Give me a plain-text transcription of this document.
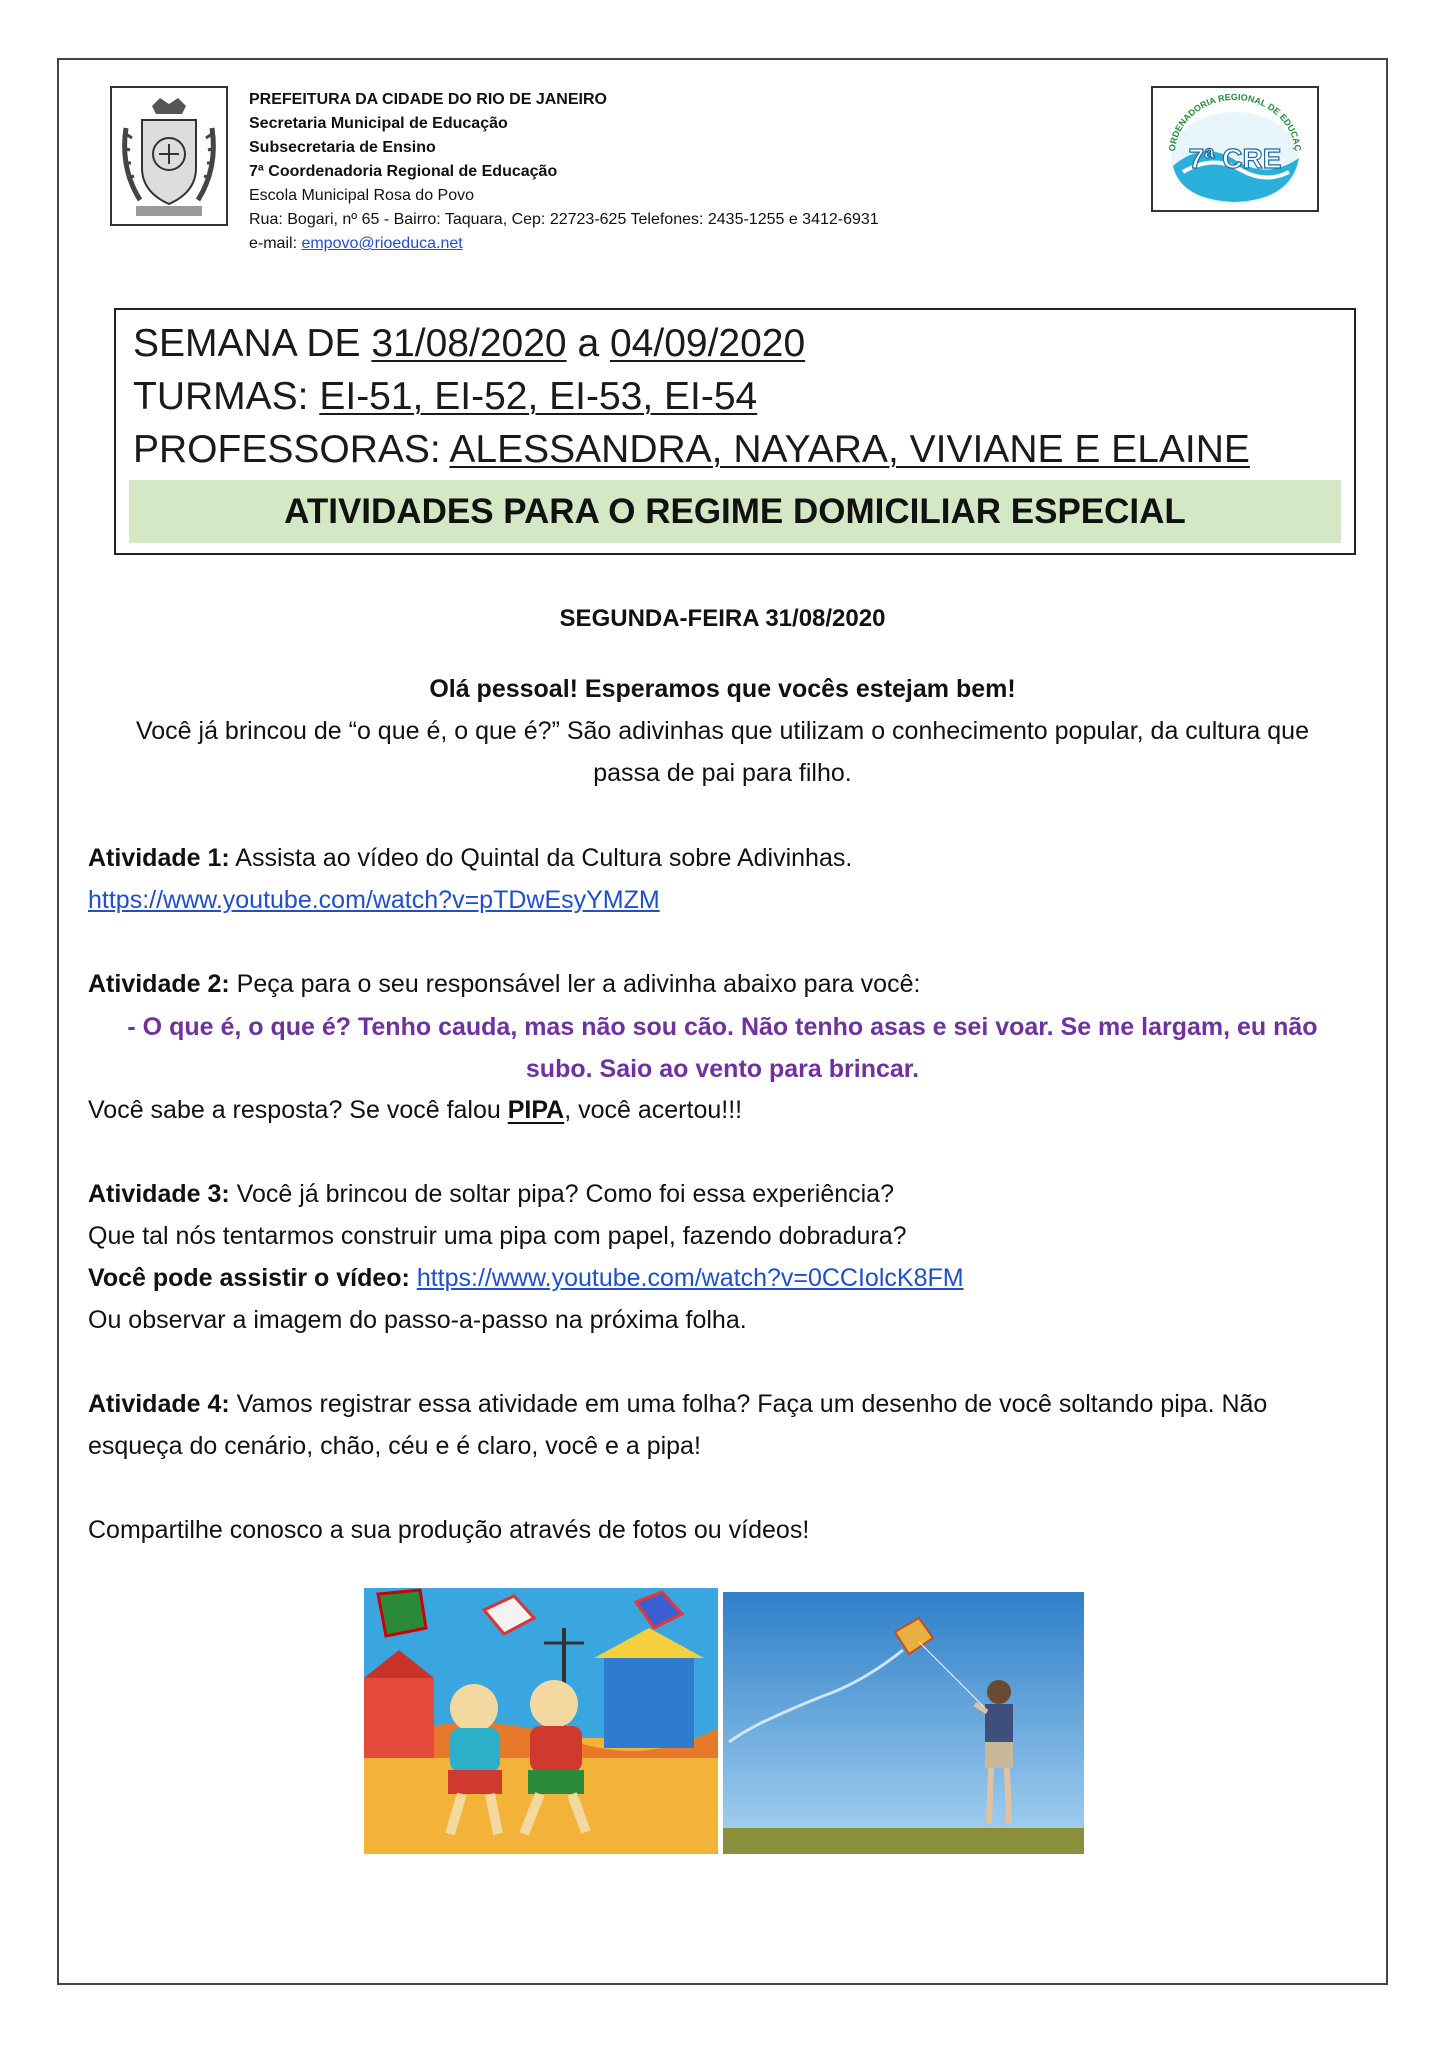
PREFEITURA DA CIDADE DO RIO DE JANEIRO
Secretaria Municipal de Educação
Subsecretaria de Ensino
7ª Coordenadoria Regional de Educação
Escola Municipal Rosa do Povo
Rua: Bogari, nº 65 - Bairro: Taquara, Cep: 22723-625 Telefones: 2435-1255 e 3412-6931
e-mail: empovo@rioeduca.net
ORDENADORIA REGIONAL DE EDUCAÇ
7ª CRE
SEMANA DE 31/08/2020 a 04/09/2020
TURMAS: EI-51, EI-52, EI-53, EI-54
PROFESSORAS: ALESSANDRA, NAYARA, VIVIANE E ELAINE
ATIVIDADES PARA O REGIME DOMICILIAR ESPECIAL
SEGUNDA-FEIRA 31/08/2020
Olá pessoal! Esperamos que vocês estejam bem!
Você já brincou de “o que é, o que é?” São adivinhas que utilizam o conhecimento popular, da cultura que
passa de pai para filho.
Atividade 1: Assista ao vídeo do Quintal da Cultura sobre Adivinhas.
https://www.youtube.com/watch?v=pTDwEsyYMZM
Atividade 2: Peça para o seu responsável ler a adivinha abaixo para você:
- O que é, o que é? Tenho cauda, mas não sou cão. Não tenho asas e sei voar. Se me largam, eu não
subo. Saio ao vento para brincar.
Você sabe a resposta? Se você falou PIPA, você acertou!!!
Atividade 3: Você já brincou de soltar pipa? Como foi essa experiência?
Que tal nós tentarmos construir uma pipa com papel, fazendo dobradura?
Você pode assistir o vídeo: https://www.youtube.com/watch?v=0CCIolcK8FM
Ou observar a imagem do passo-a-passo na próxima folha.
Atividade 4: Vamos registrar essa atividade em uma folha? Faça um desenho de você soltando pipa. Não
esqueça do cenário, chão, céu e é claro, você e a pipa!
Compartilhe conosco a sua produção através de fotos ou vídeos!
